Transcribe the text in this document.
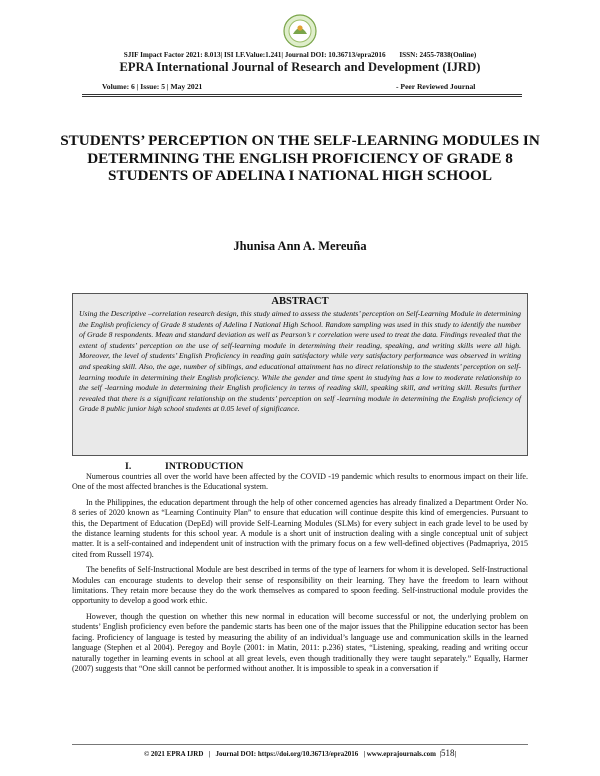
SJIF Impact Factor 2021: 8.013| ISI I.F.Value:1.241| Journal DOI: 10.36713/epra2016 ISSN: 2455-7838(Online)
EPRA International Journal of Research and Development (IJRD)
Volume: 6 | Issue: 5 | May 2021	- Peer Reviewed Journal
STUDENTS’ PERCEPTION ON THE SELF-LEARNING MODULES IN DETERMINING THE ENGLISH PROFICIENCY OF GRADE 8 STUDENTS OF ADELINA I NATIONAL HIGH SCHOOL
Jhunisa Ann A. Mereuña
ABSTRACT
Using the Descriptive –correlation research design, this study aimed to assess the students’ perception on Self-Learning Module in determining the English proficiency of Grade 8 students of Adelina I National High School. Random sampling was used in this study to identify the number of Grade 8 respondents. Mean and standard deviation as well as Pearson’s r correlation were used to treat the data. Findings revealed that the extent of students’ perception on the use of self-learning module in determining their reading, speaking, and writing skills were all high. Moreover, the level of students’ English Proficiency in reading gain satisfactory while very satisfactory performance was observed in writing and speaking skill. Also, the age, number of siblings, and educational attainment has no direct relationship to the students’ perception on self- learning module in determining their English proficiency. While the gender and time spent in studying has a low to moderate relationship to the self -learning module in determining their English proficiency in terms of reading skill, speaking skill, and writing skill. Results further revealed that there is a significant relationship on the students’ perception on self -learning module in determining the English proficiency of Grade 8 public junior high school students at 0.05 level of significance.
I.	INTRODUCTION

Numerous countries all over the world have been affected by the COVID -19 pandemic which results to enormous impact on their life. One of the most affected branches is the Educational system.

In the Philippines, the education department through the help of other concerned agencies has already finalized a Department Order No. 8 series of 2020 known as “Learning Continuity Plan” to ensure that education will continue despite this kind of emergencies. Pursuant to this, the Department of Education (DepEd) will provide Self-Learning Modules (SLMs) for every subject in each grade level to be used by the distance learning students for this school year. A module is a short unit of instruction dealing with a single conceptual unit of subject matter. It is a self-contained and independent unit of instruction with the primary focus on a few well-defined objectives (Padmapriya, 2015 cited from Russell 1974).

The benefits of Self-Instructional Module are best described in terms of the type of learners for whom it is developed. Self-Instructional Modules can encourage students to develop their sense of responsibility on their learning. They have the freedom to learn without limitations. They retain more because they do the work themselves as compared to spoon feeding. Self-instructional module provides the opportunity to develop a good work ethic.

However, though the question on whether this new normal in education will become successful or not, the underlying problem on students’ English proficiency even before the pandemic starts has been one of the major issues that the Philippine education sector has been facing. Proficiency of language is tested by measuring the ability of an individual’s language use and communication skills in the learned language (Stephen et al 2004). Peregoy and Boyle (2001: in Matin, 2011: p.236) states, “Listening, speaking, reading and writing occur naturally together in learning events in school at all great levels, even though traditionally they were taught separately.” Equally, Harmer (2007) suggests that “One skill cannot be performed without another. It is impossible to speak in a conversation if

© 2021 EPRA IJRD   |   Journal DOI: https://doi.org/10.36713/epra2016   | www.eprajournals.com  |518|
